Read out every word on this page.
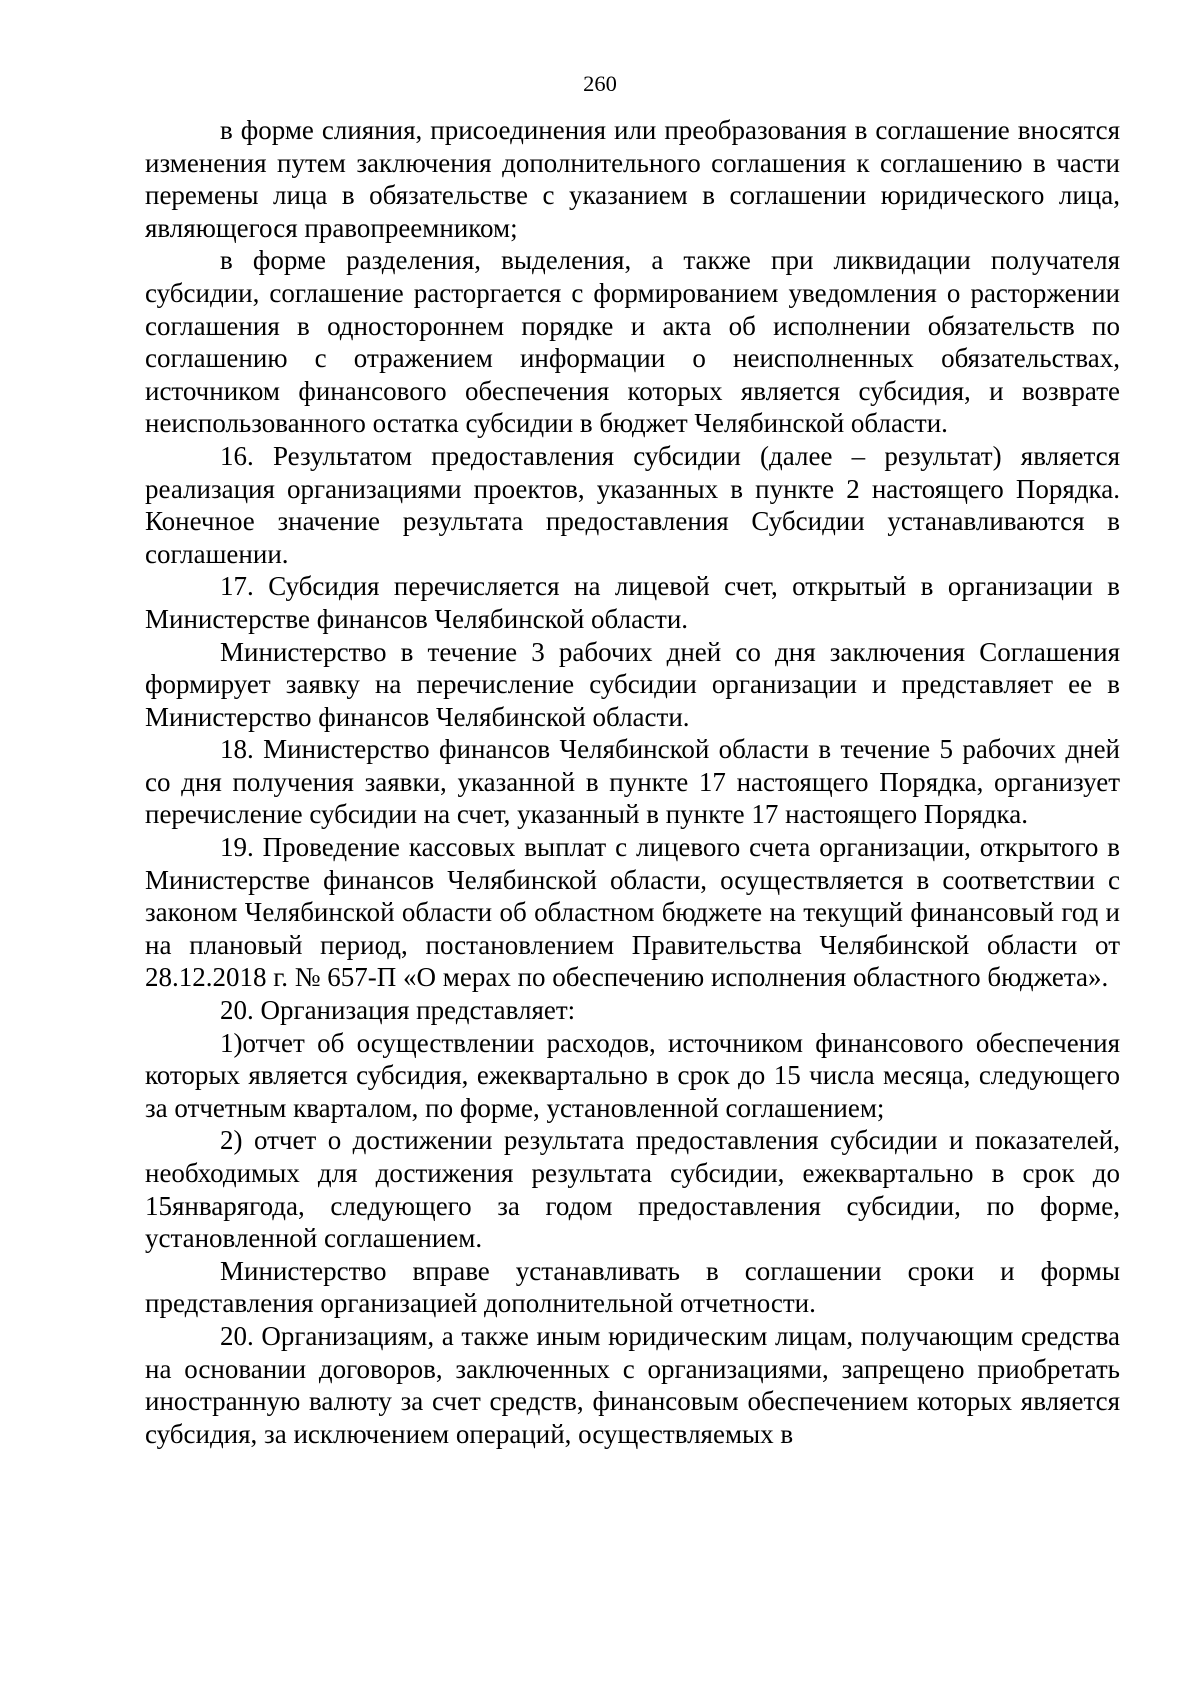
260

в форме слияния, присоединения или преобразования в соглашение вносятся изменения путем заключения дополнительного соглашения к соглашению в части перемены лица в обязательстве с указанием в соглашении юридического лица, являющегося правопреемником;

в форме разделения, выделения, а также при ликвидации получателя субсидии, соглашение расторгается с формированием уведомления о расторжении соглашения в одностороннем порядке и акта об исполнении обязательств по соглашению с отражением информации о неисполненных обязательствах, источником финансового обеспечения которых является субсидия, и возврате неиспользованного остатка субсидии в бюджет Челябинской области.

16. Результатом предоставления субсидии (далее – результат) является реализация организациями проектов, указанных в пункте 2 настоящего Порядка. Конечное значение результата предоставления Субсидии устанавливаются в соглашении.

17. Субсидия перечисляется на лицевой счет, открытый в организации в Министерстве финансов Челябинской области.

Министерство в течение 3 рабочих дней со дня заключения Соглашения формирует заявку на перечисление субсидии организации и представляет ее в Министерство финансов Челябинской области.

18. Министерство финансов Челябинской области в течение 5 рабочих дней со дня получения заявки, указанной в пункте 17 настоящего Порядка, организует перечисление субсидии на счет, указанный в пункте 17 настоящего Порядка.

19. Проведение кассовых выплат с лицевого счета организации, открытого в Министерстве финансов Челябинской области, осуществляется в соответствии с законом Челябинской области об областном бюджете на текущий финансовый год и на плановый период, постановлением Правительства Челябинской области от 28.12.2018 г. № 657-П «О мерах по обеспечению исполнения областного бюджета».

20. Организация представляет:

1)отчет об осуществлении расходов, источником финансового обеспечения которых является субсидия, ежеквартально в срок до 15 числа месяца, следующего за отчетным кварталом, по форме, установленной соглашением;

2) отчет о достижении результата предоставления субсидии и показателей, необходимых для достижения результата субсидии, ежеквартально в срок до 15январягода, следующего за годом предоставления субсидии, по форме, установленной соглашением.

Министерство вправе устанавливать в соглашении сроки и формы представления организацией дополнительной отчетности.

20. Организациям, а также иным юридическим лицам, получающим средства на основании договоров, заключенных с организациями, запрещено приобретать иностранную валюту за счет средств, финансовым обеспечением которых является субсидия, за исключением операций, осуществляемых в
